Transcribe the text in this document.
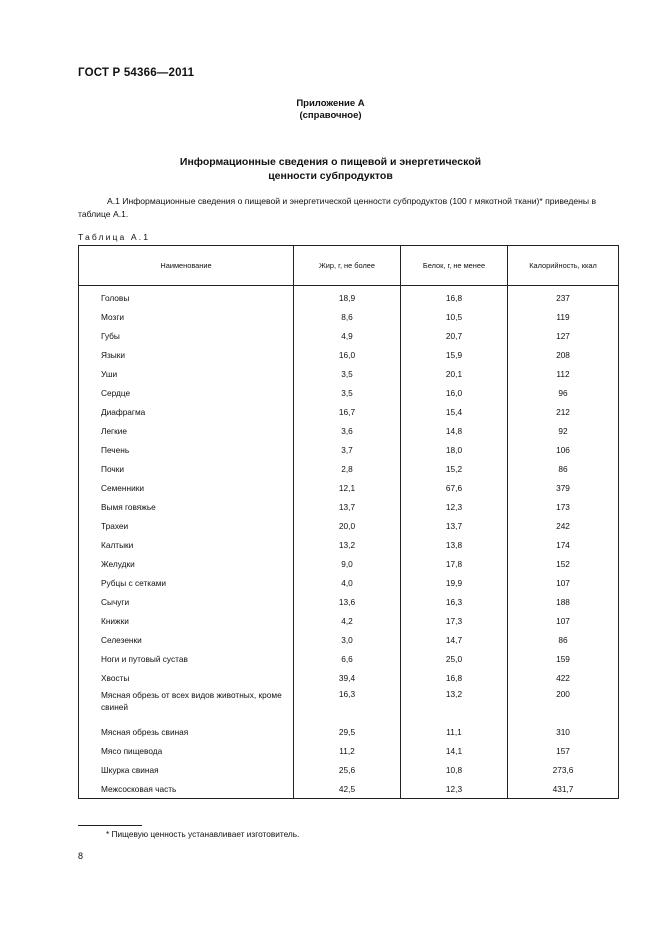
ГОСТ Р 54366—2011
Приложение А
(справочное)
Информационные сведения о пищевой и энергетической
ценности субпродуктов
А.1 Информационные сведения о пищевой и энергетической ценности субпродуктов (100 г мякотной ткани)* приведены в таблице А.1.
Таблица А.1
Наименование	Жир, г, не более	Белок, г, не менее	Калорийность, ккал
Головы	18,9	16,8	237
Мозги	8,6	10,5	119
Губы	4,9	20,7	127
Языки	16,0	15,9	208
Уши	3,5	20,1	112
Сердце	3,5	16,0	96
Диафрагма	16,7	15,4	212
Легкие	3,6	14,8	92
Печень	3,7	18,0	106
Почки	2,8	15,2	86
Семенники	12,1	67,6	379
Вымя говяжье	13,7	12,3	173
Трахеи	20,0	13,7	242
Калтыки	13,2	13,8	174
Желудки	9,0	17,8	152
Рубцы с сетками	4,0	19,9	107
Сычуги	13,6	16,3	188
Книжки	4,2	17,3	107
Селезенки	3,0	14,7	86
Ноги и путовый сустав	6,6	25,0	159
Хвосты	39,4	16,8	422
Мясная обрезь от всех видов животных, кроме свиней	16,3	13,2	200
Мясная обрезь свиная	29,5	11,1	310
Мясо пищевода	11,2	14,1	157
Шкурка свиная	25,6	10,8	273,6
Межсосковая часть	42,5	12,3	431,7
* Пищевую ценность устанавливает изготовитель.
8
